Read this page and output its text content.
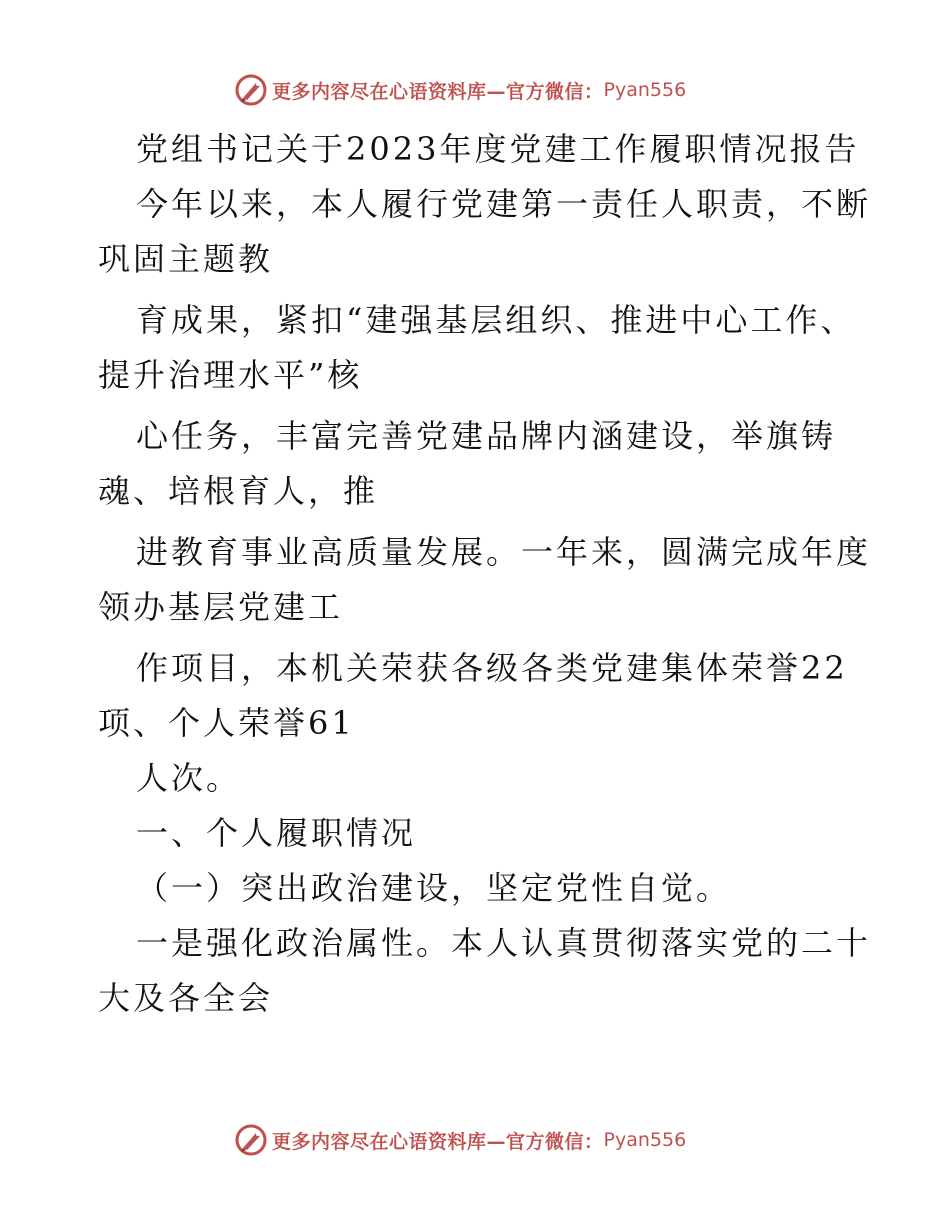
更多内容尽在心语资料库—官方微信： Pyan556
党组书记关于2023年度党建工作履职情况报告
今年以来，本人履行党建第一责任人职责，不断
巩固主题教
育成果，紧扣“建强基层组织、推进中心工作、
提升治理水平”核
心任务，丰富完善党建品牌内涵建设，举旗铸
魂、培根育人，推
进教育事业高质量发展。一年来，圆满完成年度
领办基层党建工
作项目，本机关荣获各级各类党建集体荣誉22
项、个人荣誉61
人次。
一、个人履职情况
（一）突出政治建设，坚定党性自觉。
一是强化政治属性。本人认真贯彻落实党的二十
大及各全会
更多内容尽在心语资料库—官方微信： Pyan556
